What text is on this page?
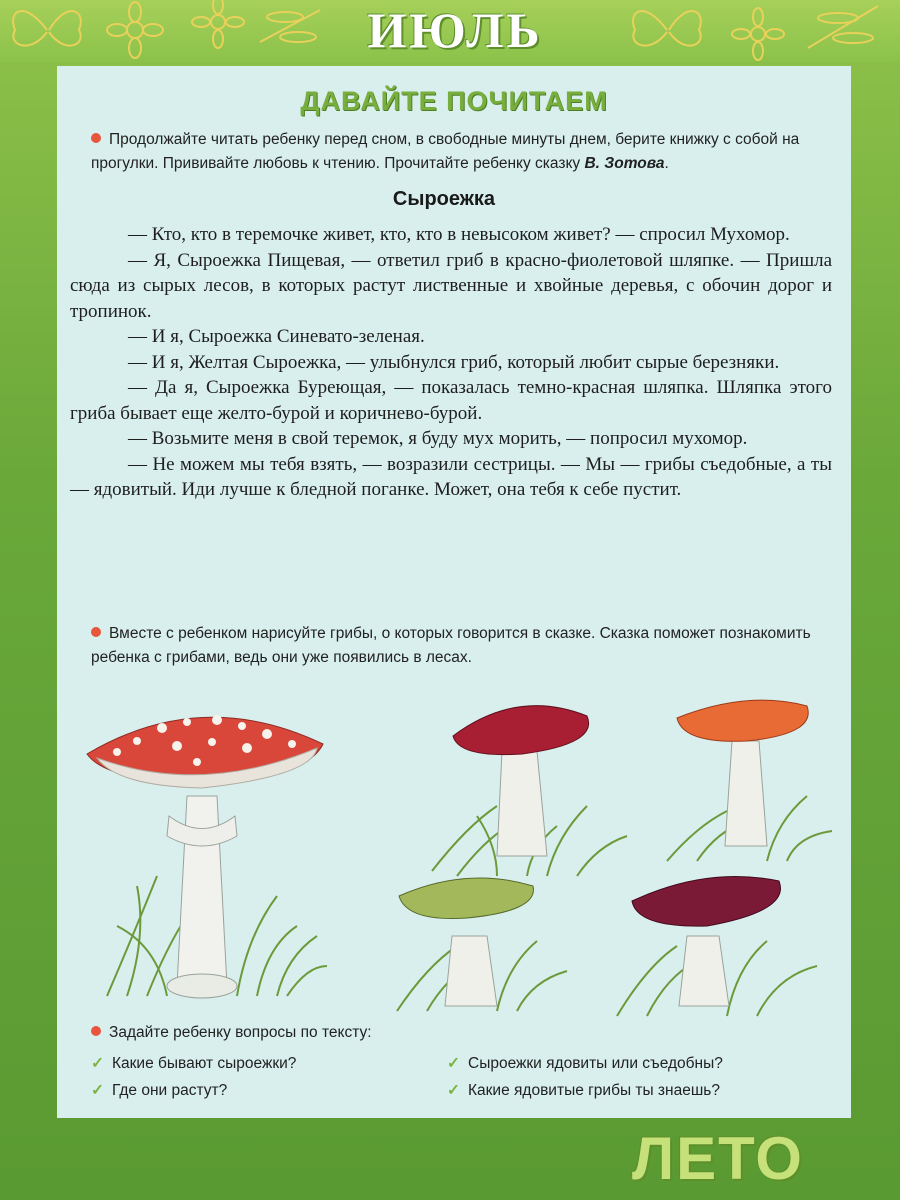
ИЮЛЬ
ДАВАЙТЕ ПОЧИТАЕМ
Продолжайте читать ребенку перед сном, в свободные минуты днем, берите книжку с собой на прогулки. Прививайте любовь к чтению. Прочитайте ребенку сказку В. Зотова.
Сыроежка

— Кто, кто в теремочке живет, кто, кто в невысоком живет? — спросил Мухомор.

— Я, Сыроежка Пищевая, — ответил гриб в красно-фиолетовой шляпке. — Пришла сюда из сырых лесов, в которых растут лиственные и хвойные деревья, с обочин дорог и тропинок.

— И я, Сыроежка Синевато-зеленая.

— И я, Желтая Сыроежка, — улыбнулся гриб, который любит сырые березняки.

— Да я, Сыроежка Буреющая, — показалась темно-красная шляпка. Шляпка этого гриба бывает еще желто-бурой и коричнево-бурой.

— Возьмите меня в свой теремок, я буду мух морить, — попросил мухомор.

— Не можем мы тебя взять, — возразили сестрицы. — Мы — грибы съедобные, а ты — ядовитый. Иди лучше к бледной поганке. Может, она тебя к себе пустит.

Вместе с ребенком нарисуйте грибы, о которых говорится в сказке. Сказка поможет познакомить ребенка с грибами, ведь они уже появились в лесах.
Задайте ребенку вопросы по тексту:
✓ Какие бывают сыроежки?
✓ Где они растут?
✓ Сыроежки ядовиты или съедобны?
✓ Какие ядовитые грибы ты знаешь?
ЛЕТО
